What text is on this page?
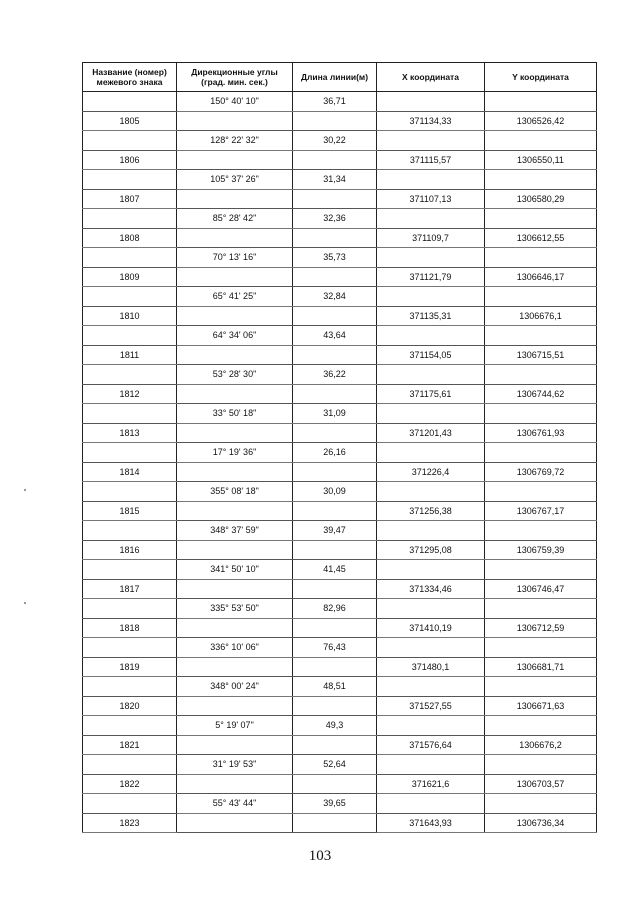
Название (номер) межевого знака	Дирекционные углы (град. мин. сек.)	Длина линии(м)	X координата	Y координата
	150° 40' 10"	36,71		
1805			371134,33	1306526,42
	128° 22' 32"	30,22		
1806			371115,57	1306550,11
	105° 37' 26"	31,34		
1807			371107,13	1306580,29
	85° 28' 42"	32,36		
1808			371109,7	1306612,55
	70° 13' 16"	35,73		
1809			371121,79	1306646,17
	65° 41' 25"	32,84		
1810			371135,31	1306676,1
	64° 34' 06"	43,64		
1811			371154,05	1306715,51
	53° 28' 30"	36,22		
1812			371175,61	1306744,62
	33° 50' 18"	31,09		
1813			371201,43	1306761,93
	17° 19' 36"	26,16		
1814			371226,4	1306769,72
	355° 08' 18"	30,09		
1815			371256,38	1306767,17
	348° 37' 59"	39,47		
1816			371295,08	1306759,39
	341° 50' 10"	41,45		
1817			371334,46	1306746,47
	335° 53' 50"	82,96		
1818			371410,19	1306712,59
	336° 10' 06"	76,43		
1819			371480,1	1306681,71
	348° 00' 24"	48,51		
1820			371527,55	1306671,63
	5° 19' 07"	49,3		
1821			371576,64	1306676,2
	31° 19' 53"	52,64		
1822			371621,6	1306703,57
	55° 43' 44"	39,65		
1823			371643,93	1306736,34
103
